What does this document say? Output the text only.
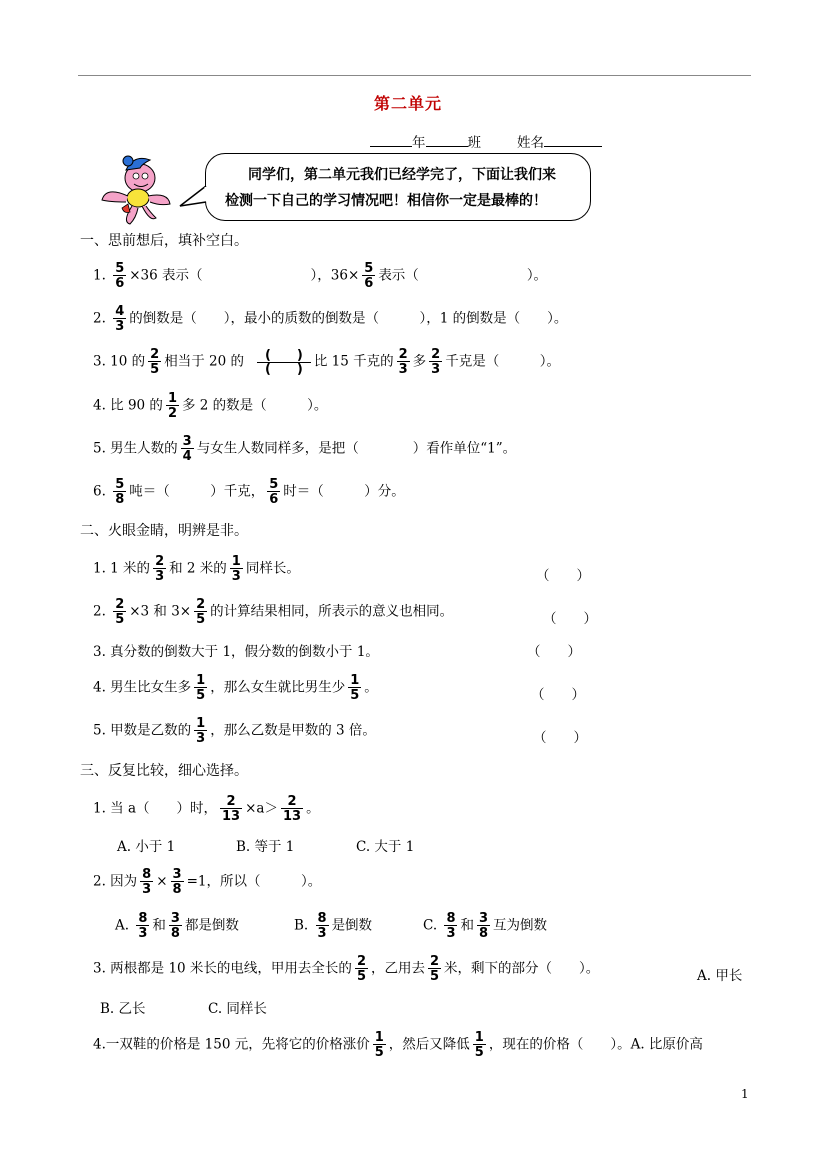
第二单元
年	班	姓名
同学们，第二单元我们已经学完了，下面让我们来
检测一下自己的学习情况吧！相信你一定是最棒的！
一、思前想后，填补空白。
1. $\frac{5}{6} \times 36$ 表示（	），$36\times \frac{5}{6}$ 表示（	）。
2. $\frac{4}{3}$ 的倒数是（　　），最小的质数的倒数是（　　　），1 的倒数是（　　）。
3. 10 的 $\frac{2}{5}$ 相当于 20 的 $\frac{( )}{( )}$ 比 15 千克的 $\frac{2}{3}$ 多 $\frac{2}{3}$ 千克是（　　　）。
4. 比 90 的 $\frac{1}{2}$ 多 2 的数是（　　　）。
5. 男生人数的 $\frac{3}{4}$ 与女生人数同样多，是把（　　　　）看作单位“1”。
6. $\frac{5}{8}$ 吨＝（　　　）千克， $\frac{5}{6}$ 时＝（　　　）分。
二、火眼金睛，明辨是非。
1. 1 米的 $\frac{2}{3}$ 和 2 米的 $\frac{1}{3}$ 同样长。	（　　）
2. $\frac{2}{5} \times 3$ 和 $3\times \frac{2}{5}$ 的计算结果相同，所表示的意义也相同。	（　　）
3. 真分数的倒数大于 1，假分数的倒数小于 1。	（　　）
4. 男生比女生多 $\frac{1}{5}$ ，那么女生就比男生少 $\frac{1}{5}$ 。	（　　）
5. 甲数是乙数的 $\frac{1}{3}$ ，那么乙数是甲数的 3 倍。	（　　）
三、反复比较，细心选择。
1. 当 a（　　）时， $\frac{2}{13} \times a> \frac{2}{13}$ 。
A. 小于 1	B. 等于 1	C. 大于 1
2. 因为 $\frac{8}{3} \times \frac{3}{8} =1$，所以（　　　）。
A. $\frac{8}{3}$ 和 $\frac{3}{8}$ 都是倒数	B. $\frac{8}{3}$ 是倒数	C. $\frac{8}{3}$ 和 $\frac{3}{8}$ 互为倒数
3. 两根都是 10 米长的电线，甲用去全长的 $\frac{2}{5}$ ，乙用去 $\frac{2}{5}$ 米，剩下的部分（　　）。	A. 甲长
B. 乙长	C. 同样长
4.一双鞋的价格是 150 元，先将它的价格涨价 $\frac{1}{5}$ ，然后又降低 $\frac{1}{5}$ ，现在的价格（　　）。A. 比原价高
1
